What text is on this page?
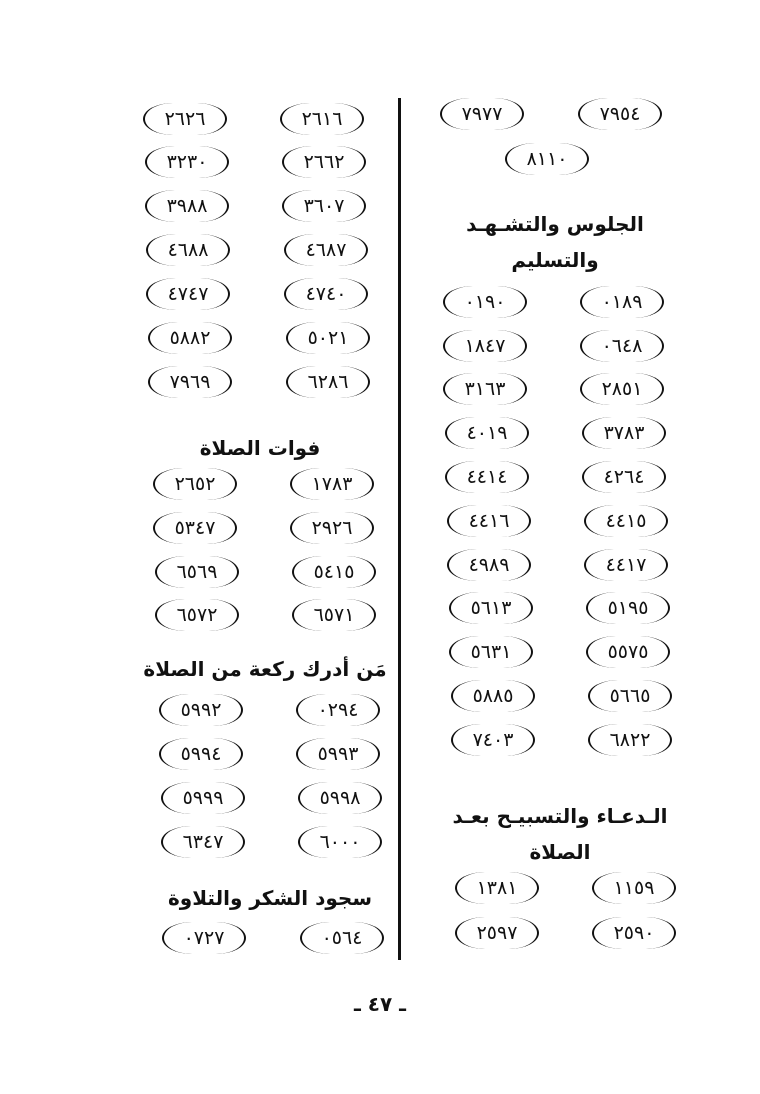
٧٩٥٤
٧٩٧٧
٨١١٠
الجلوس والتشـهـد والتسليم
٠١٨٩
٠١٩٠
٠٦٤٨
١٨٤٧
٢٨٥١
٣١٦٣
٣٧٨٣
٤٠١٩
٤٢٦٤
٤٤١٤
٤٤١٥
٤٤١٦
٤٤١٧
٤٩٨٩
٥١٩٥
٥٦١٣
٥٥٧٥
٥٦٣١
٥٦٦٥
٥٨٨٥
٦٨٢٢
٧٤٠٣
الـدعـاء والتسبيـح بعـد الصلاة
١١٥٩
١٣٨١
٢٥٩٠
٢٥٩٧
٢٦١٦
٢٦٢٦
٢٦٦٢
٣٢٣٠
٣٦٠٧
٣٩٨٨
٤٦٨٧
٤٦٨٨
٤٧٤٠
٤٧٤٧
٥٠٢١
٥٨٨٢
٦٢٨٦
٧٩٦٩
فوات الصلاة
١٧٨٣
٢٦٥٢
٢٩٢٦
٥٣٤٧
٥٤١٥
٦٥٦٩
٦٥٧١
٦٥٧٢
مَن أدرك ركعة من الصلاة
٠٢٩٤
٥٩٩٢
٥٩٩٣
٥٩٩٤
٥٩٩٨
٥٩٩٩
٦٠٠٠
٦٣٤٧
سجود الشكر والتلاوة
٠٥٦٤
٠٧٢٧
ـ ٤٧ ـ
